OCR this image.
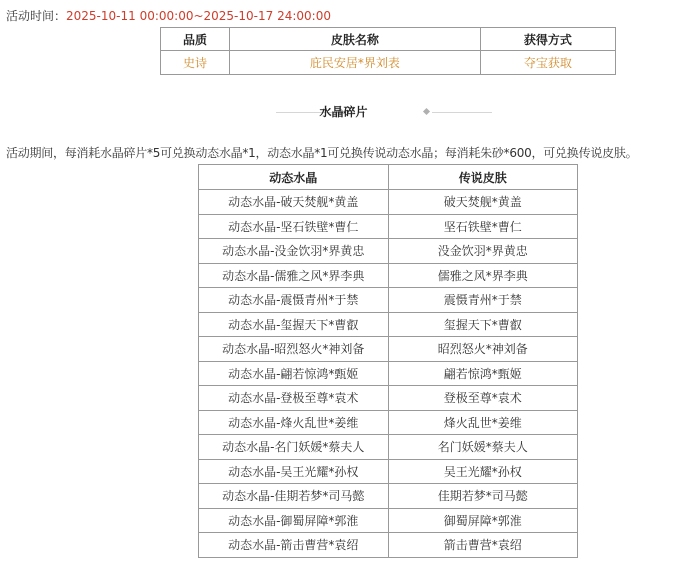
活动时间：2025-10-11 00:00:00~2025-10-17 24:00:00
品质	皮肤名称	获得方式
史诗	庇民安居*界刘表	夺宝获取
水晶碎片
活动期间，每消耗水晶碎片*5可兑换动态水晶*1，动态水晶*1可兑换传说动态水晶；每消耗朱砂*600，可兑换传说皮肤。
动态水晶	传说皮肤
动态水晶-破天焚舰*黄盖	破天焚舰*黄盖
动态水晶-坚石铁壁*曹仁	坚石铁壁*曹仁
动态水晶-没金饮羽*界黄忠	没金饮羽*界黄忠
动态水晶-儒雅之风*界李典	儒雅之风*界李典
动态水晶-震慑青州*于禁	震慑青州*于禁
动态水晶-玺握天下*曹叡	玺握天下*曹叡
动态水晶-昭烈怒火*神刘备	昭烈怒火*神刘备
动态水晶-翩若惊鸿*甄姬	翩若惊鸿*甄姬
动态水晶-登极至尊*袁术	登极至尊*袁术
动态水晶-烽火乱世*姜维	烽火乱世*姜维
动态水晶-名门妖媛*蔡夫人	名门妖媛*蔡夫人
动态水晶-吴王光耀*孙权	吴王光耀*孙权
动态水晶-佳期若梦*司马懿	佳期若梦*司马懿
动态水晶-御蜀屏障*郭淮	御蜀屏障*郭淮
动态水晶-箭击曹营*袁绍	箭击曹营*袁绍
